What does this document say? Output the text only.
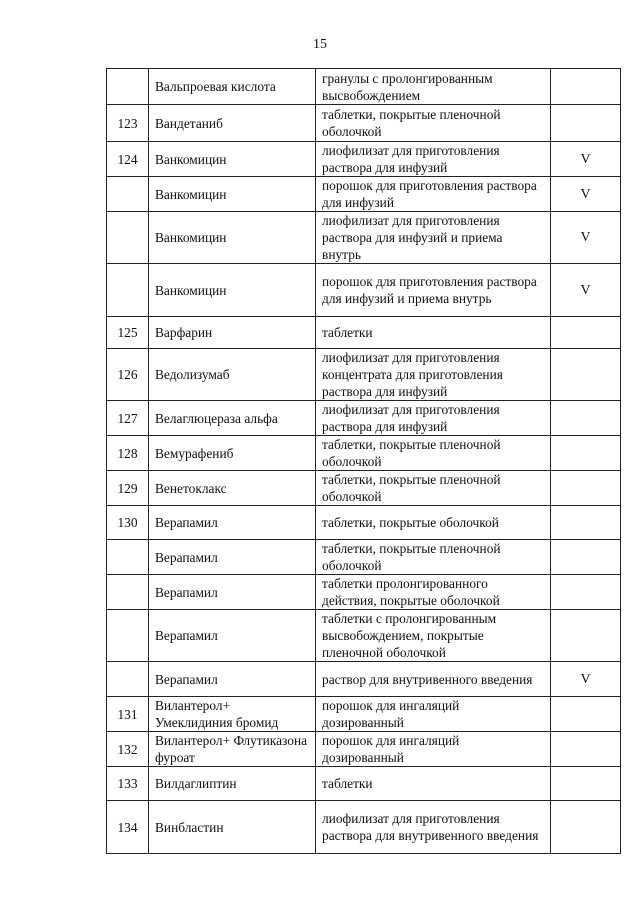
15
	Вальпроевая кислота	гранулы с пролонгированным высвобождением	
123	Вандетаниб	таблетки, покрытые пленочной оболочкой	
124	Ванкомицин	лиофилизат для приготовления раствора для инфузий	V
	Ванкомицин	порошок для приготовления раствора для инфузий	V
	Ванкомицин	лиофилизат для приготовления раствора для инфузий и приема внутрь	V
	Ванкомицин	порошок для приготовления раствора для инфузий и приема внутрь	V
125	Варфарин	таблетки	
126	Ведолизумаб	лиофилизат для приготовления концентрата для приготовления раствора для инфузий	
127	Велаглюцераза альфа	лиофилизат для приготовления раствора для инфузий	
128	Вемурафениб	таблетки, покрытые пленочной оболочкой	
129	Венетоклакс	таблетки, покрытые пленочной оболочкой	
130	Верапамил	таблетки, покрытые оболочкой	
	Верапамил	таблетки, покрытые пленочной оболочкой	
	Верапамил	таблетки пролонгированного действия, покрытые оболочкой	
	Верапамил	таблетки с пролонгированным высвобождением, покрытые пленочной оболочкой	
	Верапамил	раствор для внутривенного введения	V
131	Вилантерол+ Умеклидиния бромид	порошок для ингаляций дозированный	
132	Вилантерол+ Флутиказона фуроат	порошок для ингаляций дозированный	
133	Вилдаглиптин	таблетки	
134	Винбластин	лиофилизат для приготовления раствора для внутривенного введения	
